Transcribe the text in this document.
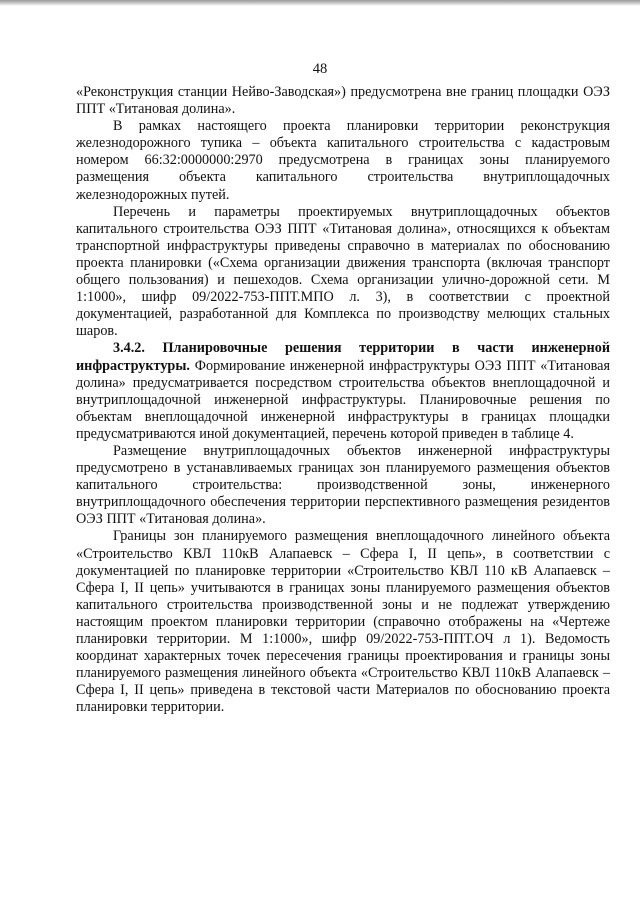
48

«Реконструкция станции Нейво-Заводская») предусмотрена вне границ площадки ОЭЗ ППТ «Титановая долина».

В рамках настоящего проекта планировки территории реконструкция железнодорожного тупика – объекта капитального строительства с кадастровым номером 66:32:0000000:2970 предусмотрена в границах зоны планируемого размещения объекта капитального строительства внутриплощадочных железнодорожных путей.

Перечень и параметры проектируемых внутриплощадочных объектов капитального строительства ОЭЗ ППТ «Титановая долина», относящихся к объектам транспортной инфраструктуры приведены справочно в материалах по обоснованию проекта планировки («Схема организации движения транспорта (включая транспорт общего пользования) и пешеходов. Схема организации улично-дорожной сети. М 1:1000», шифр 09/2022-753-ППТ.МПО л. 3), в соответствии с проектной документацией, разработанной для Комплекса по производству мелющих стальных шаров.

3.4.2. Планировочные решения территории в части инженерной инфраструктуры. Формирование инженерной инфраструктуры ОЭЗ ППТ «Титановая долина» предусматривается посредством строительства объектов внеплощадочной и внутриплощадочной инженерной инфраструктуры. Планировочные решения по объектам внеплощадочной инженерной инфраструктуры в границах площадки предусматриваются иной документацией, перечень которой приведен в таблице 4.

Размещение внутриплощадочных объектов инженерной инфраструктуры предусмотрено в устанавливаемых границах зон планируемого размещения объектов капитального строительства: производственной зоны, инженерного внутриплощадочного обеспечения территории перспективного размещения резидентов ОЭЗ ППТ «Титановая долина».

Границы зон планируемого размещения внеплощадочного линейного объекта «Строительство КВЛ 110кВ Алапаевск – Сфера I, II цепь», в соответствии с документацией по планировке территории «Строительство КВЛ 110 кВ Алапаевск – Сфера I, II цепь» учитываются в границах зоны планируемого размещения объектов капитального строительства производственной зоны и не подлежат утверждению настоящим проектом планировки территории (справочно отображены на «Чертеже планировки территории. М 1:1000», шифр 09/2022-753-ППТ.ОЧ л 1). Ведомость координат характерных точек пересечения границы проектирования и границы зоны планируемого размещения линейного объекта «Строительство КВЛ 110кВ Алапаевск – Сфера I, II цепь» приведена в текстовой части Материалов по обоснованию проекта планировки территории.
